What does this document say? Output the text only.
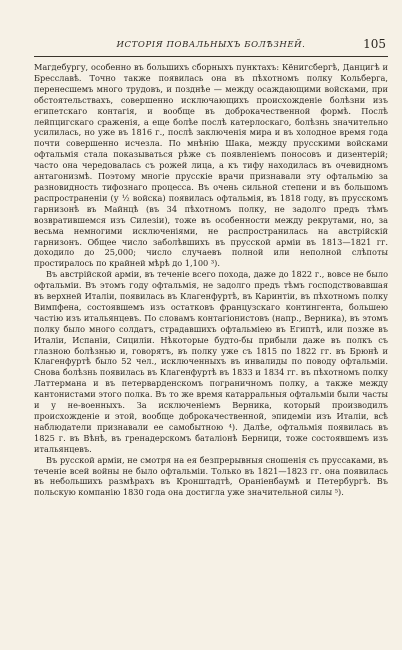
ИСТОРІЯ ПОВАЛЬНЫХЪ БОЛѢЗНЕЙ.	105

Магдебургу, особенно въ большихъ сборныхъ пунктахъ: Кёнигсбергѣ, Данцигѣ и Бресславѣ. Точно также появилась она въ пѣхотномъ полку Кольберга, перенесшемъ много трудовъ, и позднѣе — между осаждающими войсками, при обстоятельствахъ, совершенно исключающихъ происхожденіе болѣзни изъ египетскаго контагія, и вообще въ доброкачественной формѣ. Послѣ лейпцигскаго сраженія, а еще болѣе послѣ катерлоскаго, болѣзнь значительно усилилась, но уже въ 1816 г., послѣ заключенія мира и въ холодное время года почти совершенно исчезла. По мнѣнію Шака, между прусскими войсками офтальмія стала показываться рѣже съ появленіемъ поносовъ и дизентерій; часто она чередовалась съ рожей лица, а къ тифу находилась въ очевидномъ антагонизмѣ. Поэтому многіе прусскіе врачи признавали эту офтальмію за разновидность тифознаго процесса. Въ очень сильной степени и въ большомъ распространеніи (у ½ войска) появилась офтальмія, въ 1818 году, въ прусскомъ гарнизонѣ въ Майнцѣ (въ 34 пѣхотномъ полку, не задолго предъ тѣмъ возвратившемся изъ Силезіи), тоже въ особенности между рекрутами, но, за весьма немногими исключеніями, не распространилась на австрійскій гарнизонъ. Общее число заболѣвшихъ въ прусской арміи въ 1813—1821 гг. доходило до 25,000; число случаевъ полной или неполной слѣпоты простиралось по крайней мѣрѣ до 1,100 ³).

Въ австрійской арміи, въ теченіе всего похода, даже до 1822 г., вовсе не было офтальміи. Въ этомъ году офтальмія, не задолго предъ тѣмъ господствовавшая въ верхней Италіи, появилась въ Клагенфуртѣ, въ Каринтіи, въ пѣхотномъ полку Вимпфена, состоявшемъ изъ остатковъ французскаго контингента, большею частію изъ итальянцевъ. По словамъ контагіонистовъ (напр., Верника), въ этомъ полку было много солдатъ, страдавшихъ офтальміею въ Египтѣ, или позже въ Италіи, Испаніи, Сициліи. Нѣкоторые будто-бы прибыли даже въ полкъ съ глазною болѣзнью и, говорятъ, въ полку уже съ 1815 по 1822 гг. въ Брюнѣ и Клагенфуртѣ было 52 чел., исключенныхъ въ инвалиды по поводу офтальміи. Снова болѣзнь появилась въ Клагенфуртѣ въ 1833 и 1834 гг. въ пѣхотномъ полку Латтермана и въ петерварденскомъ пограничномъ полку, а также между кантонистами этого полка. Въ то же время катарральныя офтальміи были часты и у не-военныхъ. За исключеніемъ Верника, который производилъ происхожденіе и этой, вообще доброкачественной, эпидеміи изъ Италіи, всѣ наблюдатели признавали ее самобытною ⁴). Далѣе, офтальмія появилась въ 1825 г. въ Вѣнѣ, въ гренадерскомъ баталіонѣ Берници, тоже состоявшемъ изъ итальянцевъ.

Въ русской арміи, не смотря на ея безпрерывныя сношенія съ пруссаками, въ теченіе всей войны не было офтальміи. Только въ 1821—1823 гг. она появилась въ небольшихъ размѣрахъ въ Кронштадтѣ, Ораніенбаумѣ и Петербургѣ. Въ польскую компанію 1830 года она достигла уже значительной силы ⁵).
